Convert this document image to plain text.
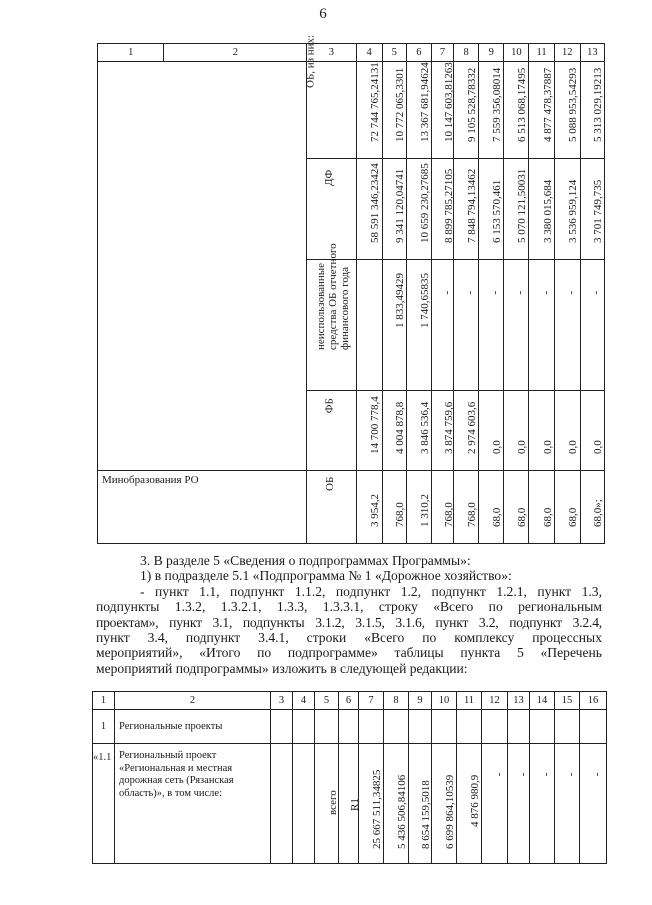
6
1	2	3	4	5	6	7	8	9	10	11	12	13

		ОБ, из них:	72 744 765,24131	10 772 065,3301	13 367 681,94624	10 147 603,81263	9 105 528,78332	7 559 356,08014	6 513 068,17495	4 877 478,37887	5 088 953,54293	5 313 029,19213

		ДФ	58 591 346,23424	9 341 120,04741	10 659 230,27685	8 899 785,27105	7 848 794,13462	6 153 570,461	5 070 121,50031	3 380 015,684	3 536 959,124	3 701 749,735

		неиспользованные средства ОБ отчетного финансового года		1 833,49429	1 740,65835	-	-	-	-	-	-	-

		ФБ	14 700 778,4	4 004 878,8	3 846 536,4	3 874 759,6	2 974 603,6	0,0	0,0	0,0	0,0	0,0

Минобразования РО		ОБ	3 954,2	768,0	1 310,2	768,0	768,0	68,0	68,0	68,0	68,0	68,0»;
3. В разделе 5 «Сведения о подпрограммах Программы»:
1) в подразделе 5.1 «Подпрограмма № 1 «Дорожное хозяйство»:
- пункт 1.1, подпункт 1.1.2, подпункт 1.2, подпункт 1.2.1, пункт 1.3,
подпункты 1.3.2, 1.3.2.1, 1.3.3, 1.3.3.1, строку «Всего по региональным
проектам», пункт 3.1, подпункты 3.1.2, 3.1.5, 3.1.6, пункт 3.2, подпункт 3.2.4,
пункт 3.4, подпункт 3.4.1, строки «Всего по комплексу процессных
мероприятий», «Итого по подпрограмме» таблицы пункта 5 «Перечень
мероприятий подпрограммы» изложить в следующей редакции:
1	2	3	4	5	6	7	8	9	10	11	12	13	14	15	16
1	Региональные проекты														
«1.1	Региональный проект «Региональная и местная дорожная сеть (Рязанская область)», в том числе:			всего	R1	25 667 511,34825	5 436 506,84106	8 654 159,5018	6 699 864,10539	4 876 980,9	-	-	-	-	-
